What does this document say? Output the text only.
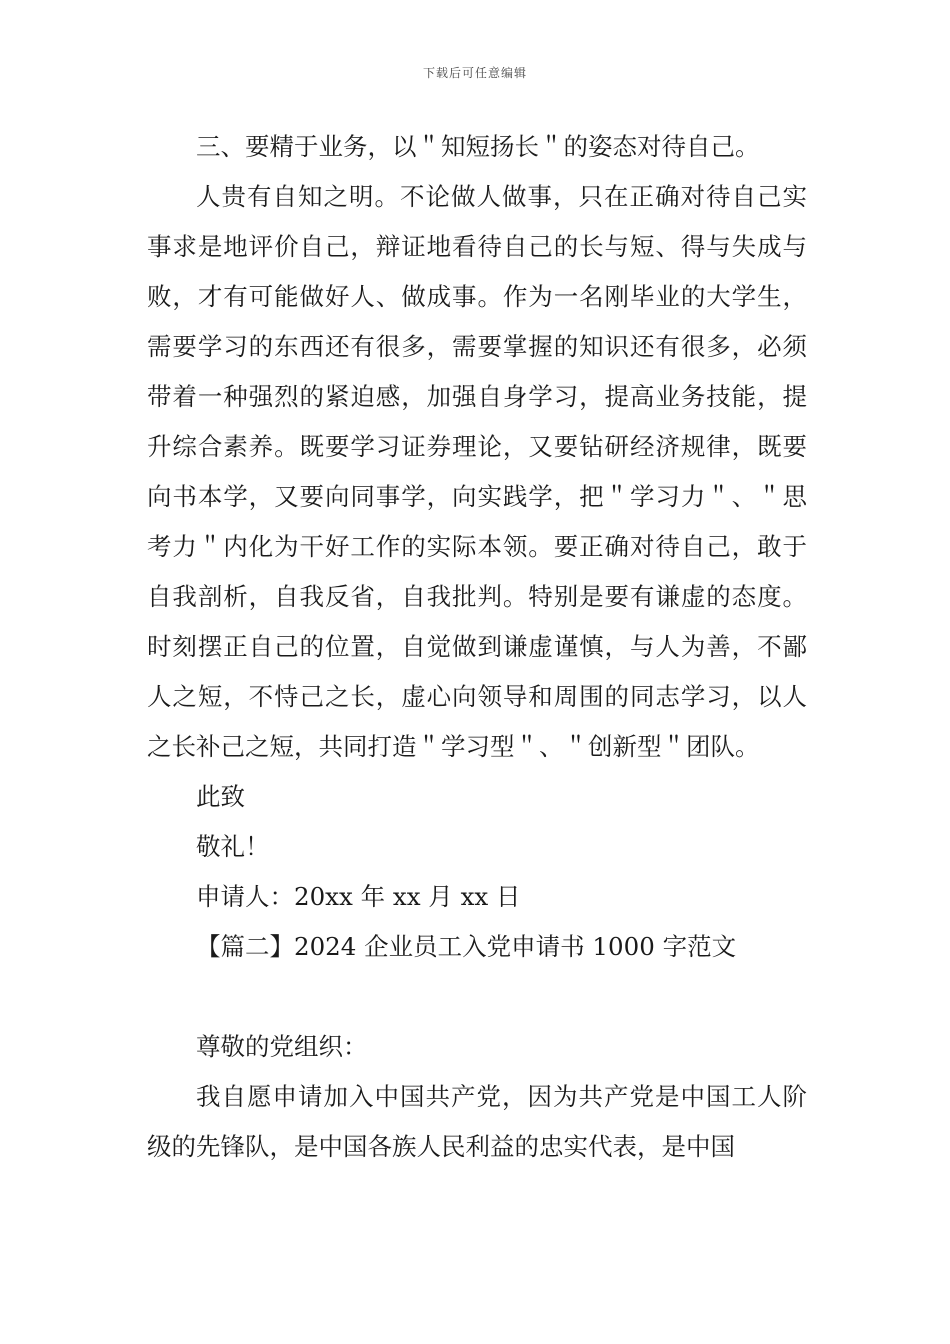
下载后可任意编辑

三、要精于业务，以＂知短扬长＂的姿态对待自己。

人贵有自知之明。不论做人做事，只在正确对待自己实事求是地评价自己，辩证地看待自己的长与短、得与失成与败，才有可能做好人、做成事。作为一名刚毕业的大学生，需要学习的东西还有很多，需要掌握的知识还有很多，必须带着一种强烈的紧迫感，加强自身学习，提高业务技能，提升综合素养。既要学习证券理论，又要钻研经济规律，既要向书本学，又要向同事学，向实践学，把＂学习力＂、＂思考力＂内化为干好工作的实际本领。要正确对待自己，敢于自我剖析，自我反省，自我批判。特别是要有谦虚的态度。时刻摆正自己的位置，自觉做到谦虚谨慎，与人为善，不鄙人之短，不恃己之长，虚心向领导和周围的同志学习，以人之长补己之短，共同打造＂学习型＂、＂创新型＂团队。

此致

敬礼！

申请人：20xx 年 xx 月 xx 日

【篇二】2024 企业员工入党申请书 1000 字范文

尊敬的党组织：

我自愿申请加入中国共产党，因为共产党是中国工人阶级的先锋队，是中国各族人民利益的忠实代表，是中国
